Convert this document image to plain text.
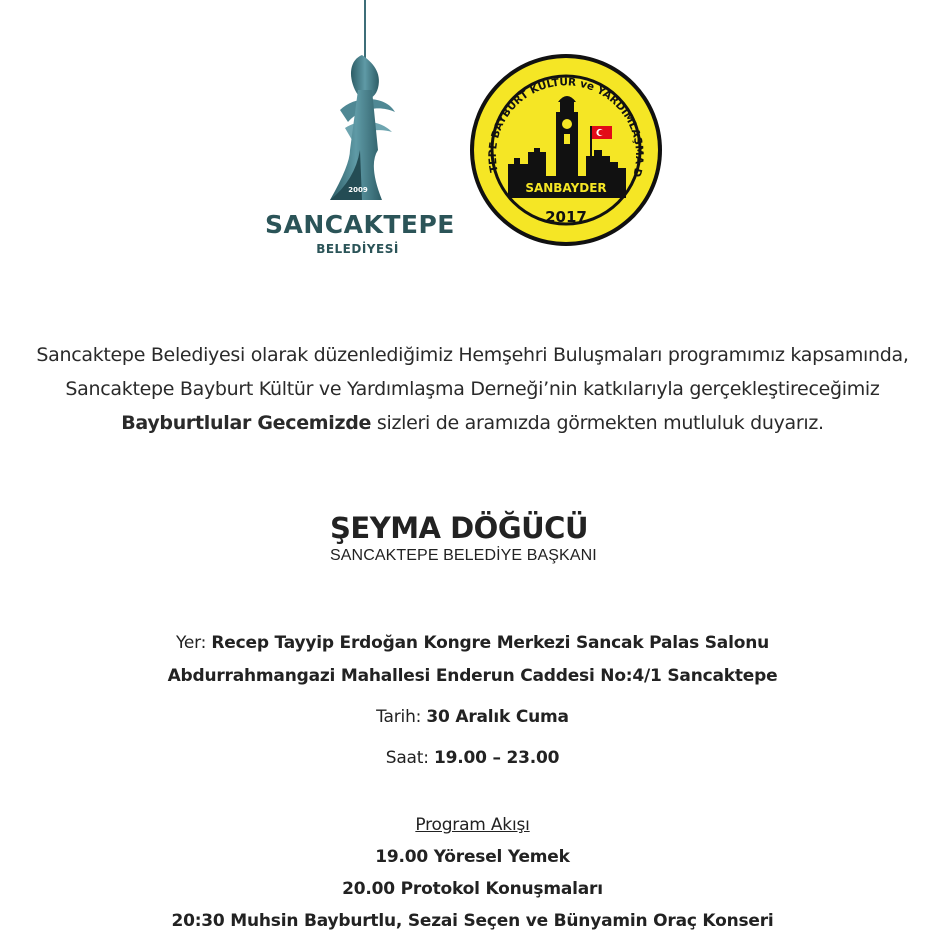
2009
SANCAKTEPE
BELEDİYESİ
TEPE BAYBURT KÜLTÜR ve YARDIMLAŞMA D
SANBAYDER
2017
Sancaktepe Belediyesi olarak düzenlediğimiz Hemşehri Buluşmaları programımız kapsamında,
Sancaktepe Bayburt Kültür ve Yardımlaşma Derneği’nin katkılarıyla gerçekleştireceğimiz
Bayburtlular Gecemizde sizleri de aramızda görmekten mutluluk duyarız.
ŞEYMA DÖĞÜCÜ
SANCAKTEPE BELEDİYE BAŞKANI
Yer: Recep Tayyip Erdoğan Kongre Merkezi Sancak Palas Salonu
Abdurrahmangazi Mahallesi Enderun Caddesi No:4/1 Sancaktepe
Tarih: 30 Aralık Cuma
Saat: 19.00 – 23.00
Program Akışı
19.00 Yöresel Yemek
20.00 Protokol Konuşmaları
20:30 Muhsin Bayburtlu, Sezai Seçen ve Bünyamin Oraç Konseri
